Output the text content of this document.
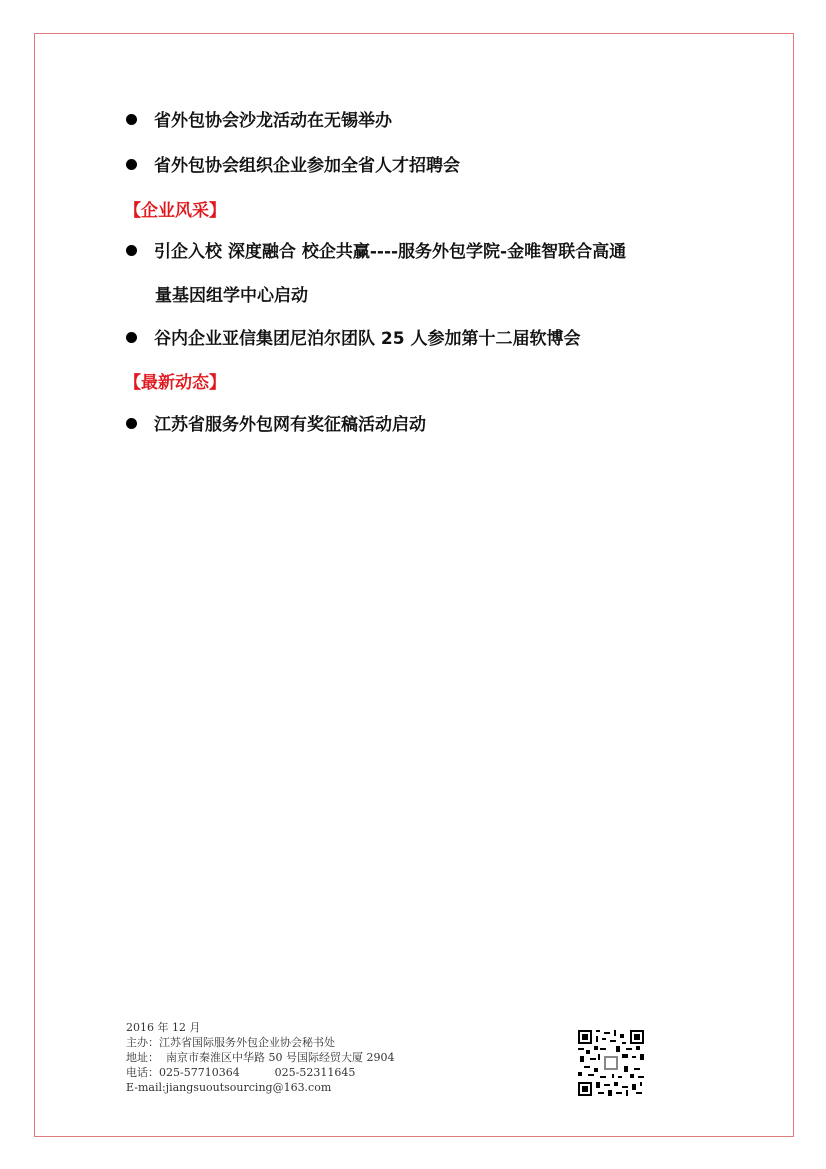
省外包协会沙龙活动在无锡举办
省外包协会组织企业参加全省人才招聘会
【企业风采】
引企入校 深度融合 校企共赢----服务外包学院-金唯智联合高通
量基因组学中心启动
谷内企业亚信集团尼泊尔团队 25 人参加第十二届软博会
【最新动态】
江苏省服务外包网有奖征稿活动启动
2016 年 12 月
主办：江苏省国际服务外包企业协会秘书处
地址：  南京市秦淮区中华路 50 号国际经贸大厦 2904
电话：025-57710364          025-52311645
E-mail:jiangsuoutsourcing@163.com
